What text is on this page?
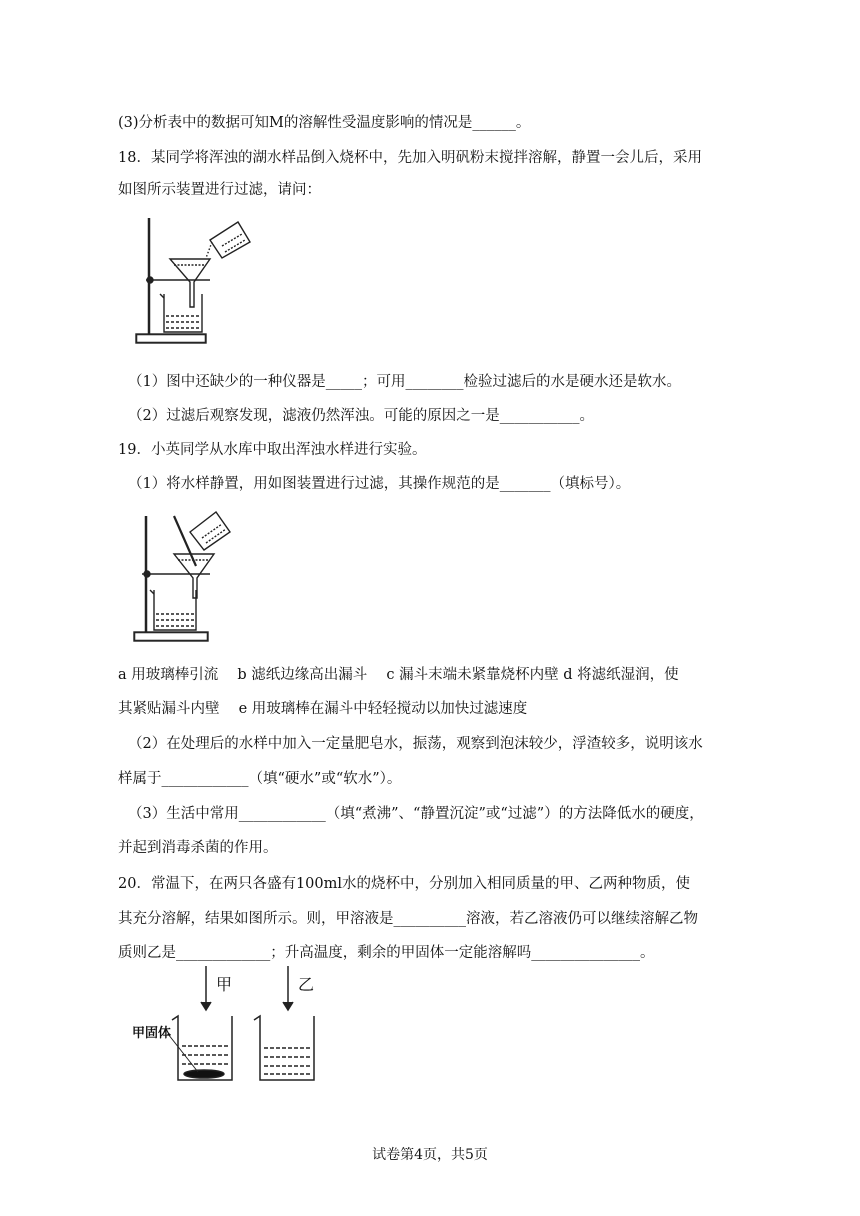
(3)分析表中的数据可知M的溶解性受温度影响的情况是______。
18．某同学将浑浊的湖水样品倒入烧杯中，先加入明矾粉末搅拌溶解，静置一会儿后，采用
如图所示装置进行过滤，请问：
（1）图中还缺少的一种仪器是_____；可用________检验过滤后的水是硬水还是软水。
（2）过滤后观察发现，滤液仍然浑浊。可能的原因之一是___________。
19．小英同学从水库中取出浑浊水样进行实验。
（1）将水样静置，用如图装置进行过滤，其操作规范的是_______（填标号）。
a 用玻璃棒引流　 b 滤纸边缘高出漏斗　 c 漏斗末端未紧靠烧杯内壁 d 将滤纸湿润，使
其紧贴漏斗内壁　 e 用玻璃棒在漏斗中轻轻搅动以加快过滤速度
（2）在处理后的水样中加入一定量肥皂水，振荡，观察到泡沫较少，浮渣较多，说明该水
样属于____________（填“硬水”或“软水”）。
（3）生活中常用____________（填“煮沸”、“静置沉淀”或“过滤”）的方法降低水的硬度，
并起到消毒杀菌的作用。
20．常温下，在两只各盛有100ml水的烧杯中，分别加入相同质量的甲、乙两种物质，使
其充分溶解，结果如图所示。则，甲溶液是__________溶液，若乙溶液仍可以继续溶解乙物
质则乙是_____________；升高温度，剩余的甲固体一定能溶解吗_______________。
甲	乙
甲固体
试卷第4页，共5页
